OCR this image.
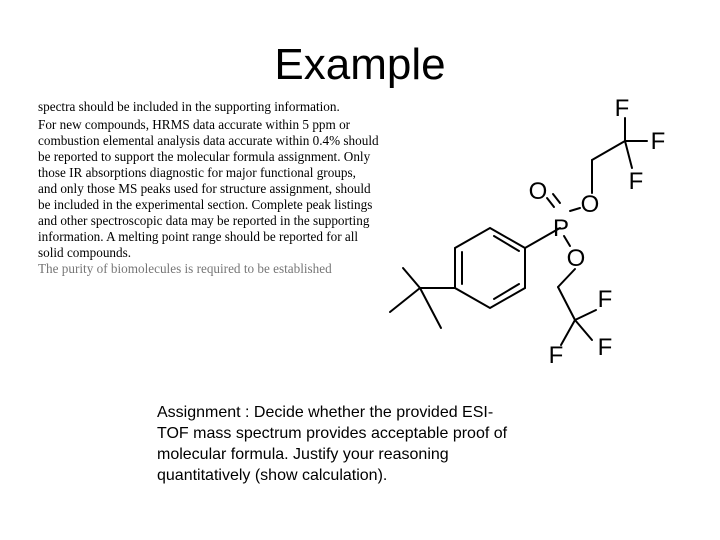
Example
spectra should be included in the supporting information.
For new compounds, HRMS data accurate within 5 ppm or
combustion elemental analysis data accurate within 0.4% should
be reported to support the molecular formula assignment. Only
those IR absorptions diagnostic for major functional groups,
and only those MS peaks used for structure assignment, should
be included in the experimental section. Complete peak listings
and other spectroscopic data may be reported in the supporting
information. A melting point range should be reported for all
solid compounds.
The purity of biomolecules is required to be established
P
O O
O
F
F
F
F
F
F
Assignment : Decide whether the provided ESI-
TOF mass spectrum provides acceptable proof of
molecular formula. Justify your reasoning
quantitatively (show calculation).
